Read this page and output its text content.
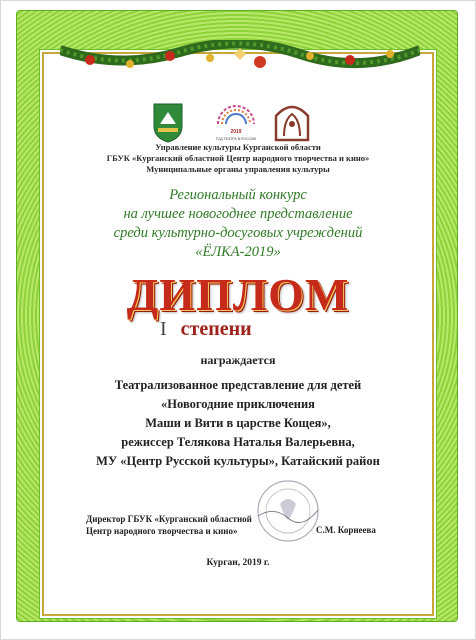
2019
ГОД ТЕАТРА В РОССИИ
Управление культуры Курганской области
ГБУК «Курганский областной Центр народного творчества и кино»
Муниципальные органы управления культуры
Региональный конкурс
на лучшее новогоднее представление
среди культурно-досуговых учреждений
«ЁЛКА-2019»
ДИПЛОМ
I степени
награждается
Театрализованное представление для детей
«Новогодние приключения
Маши и Вити в царстве Кощея»,
режиссер Телякова Наталья Валерьевна,
МУ «Центр Русской культуры», Катайский район
Директор ГБУК «Курганский областной
Центр народного творчества и кино»	С.М. Корнеева
Курган, 2019 г.
